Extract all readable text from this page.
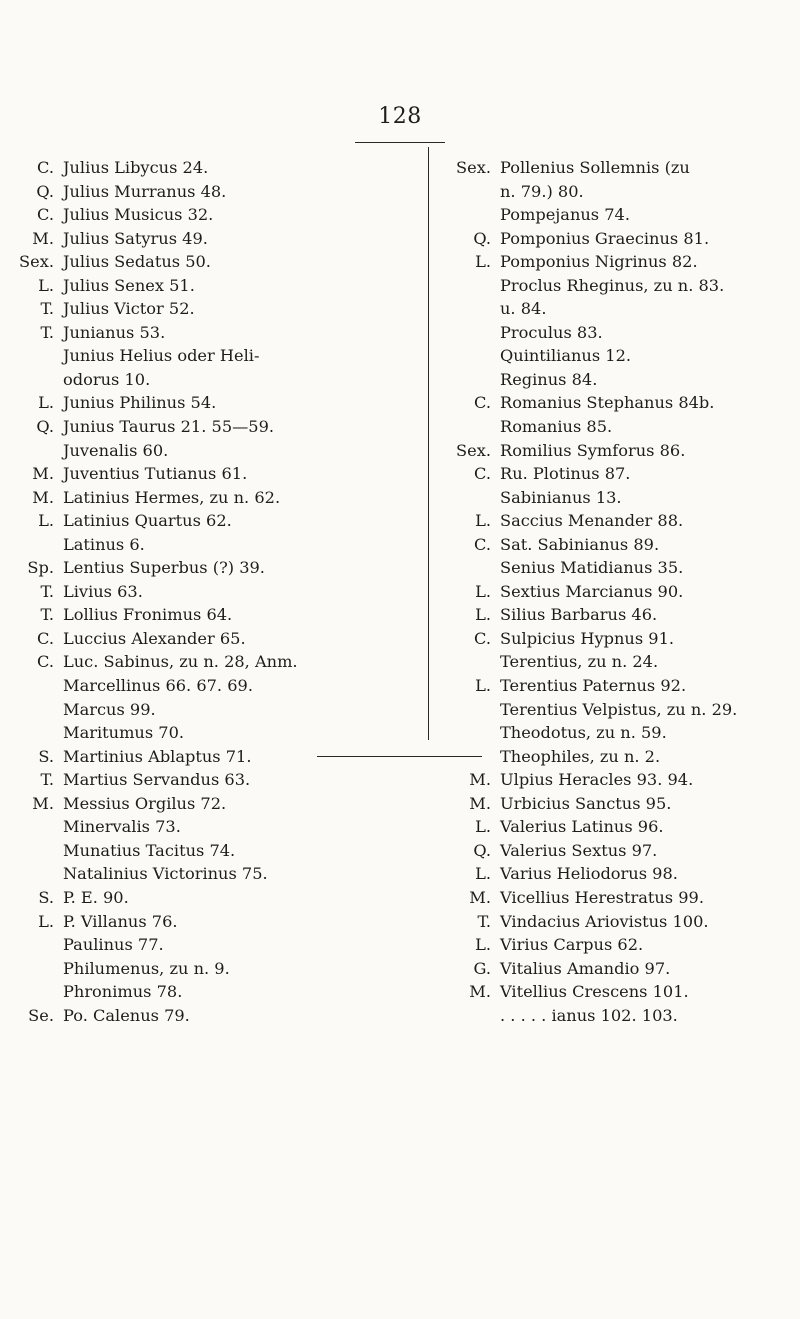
128
C. Julius Libycus 24.
Q. Julius Murranus 48.
C. Julius Musicus 32.
M. Julius Satyrus 49.
Sex. Julius Sedatus 50.
L. Julius Senex 51.
T. Julius Victor 52.
T. Junianus 53.
Junius Helius oder Heli-
odorus 10.
L. Junius Philinus 54.
Q. Junius Taurus 21. 55—59.
Juvenalis 60.
M. Juventius Tutianus 61.
M. Latinius Hermes, zu n. 62.
L. Latinius Quartus 62.
Latinus 6.
Sp. Lentius Superbus (?) 39.
T. Livius 63.
T. Lollius Fronimus 64.
C. Luccius Alexander 65.
C. Luc. Sabinus, zu n. 28, Anm.
Marcellinus 66. 67. 69.
Marcus 99.
Maritumus 70.
S. Martinius Ablaptus 71.
T. Martius Servandus 63.
M. Messius Orgilus 72.
Minervalis 73.
Munatius Tacitus 74.
Natalinius Victorinus 75.
S. P. E. 90.
L. P. Villanus 76.
Paulinus 77.
Philumenus, zu n. 9.
Phronimus 78.
Se. Po. Calenus 79.
Sex. Pollenius Sollemnis (zu
n. 79.) 80.
Pompejanus 74.
Q. Pomponius Graecinus 81.
L. Pomponius Nigrinus 82.
Proclus Rheginus, zu n. 83.
u. 84.
Proculus 83.
Quintilianus 12.
Reginus 84.
C. Romanius Stephanus 84b.
Romanius 85.
Sex. Romilius Symforus 86.
C. Ru. Plotinus 87.
Sabinianus 13.
L. Saccius Menander 88.
C. Sat. Sabinianus 89.
Senius Matidianus 35.
L. Sextius Marcianus 90.
L. Silius Barbarus 46.
C. Sulpicius Hypnus 91.
Terentius, zu n. 24.
L. Terentius Paternus 92.
Terentius Velpistus, zu n. 29.
Theodotus, zu n. 59.
Theophiles, zu n. 2.
M. Ulpius Heracles 93. 94.
M. Urbicius Sanctus 95.
L. Valerius Latinus 96.
Q. Valerius Sextus 97.
L. Varius Heliodorus 98.
M. Vicellius Herestratus 99.
T. Vindacius Ariovistus 100.
L. Virius Carpus 62.
G. Vitalius Amandio 97.
M. Vitellius Crescens 101.
. . . . . ianus 102. 103.
